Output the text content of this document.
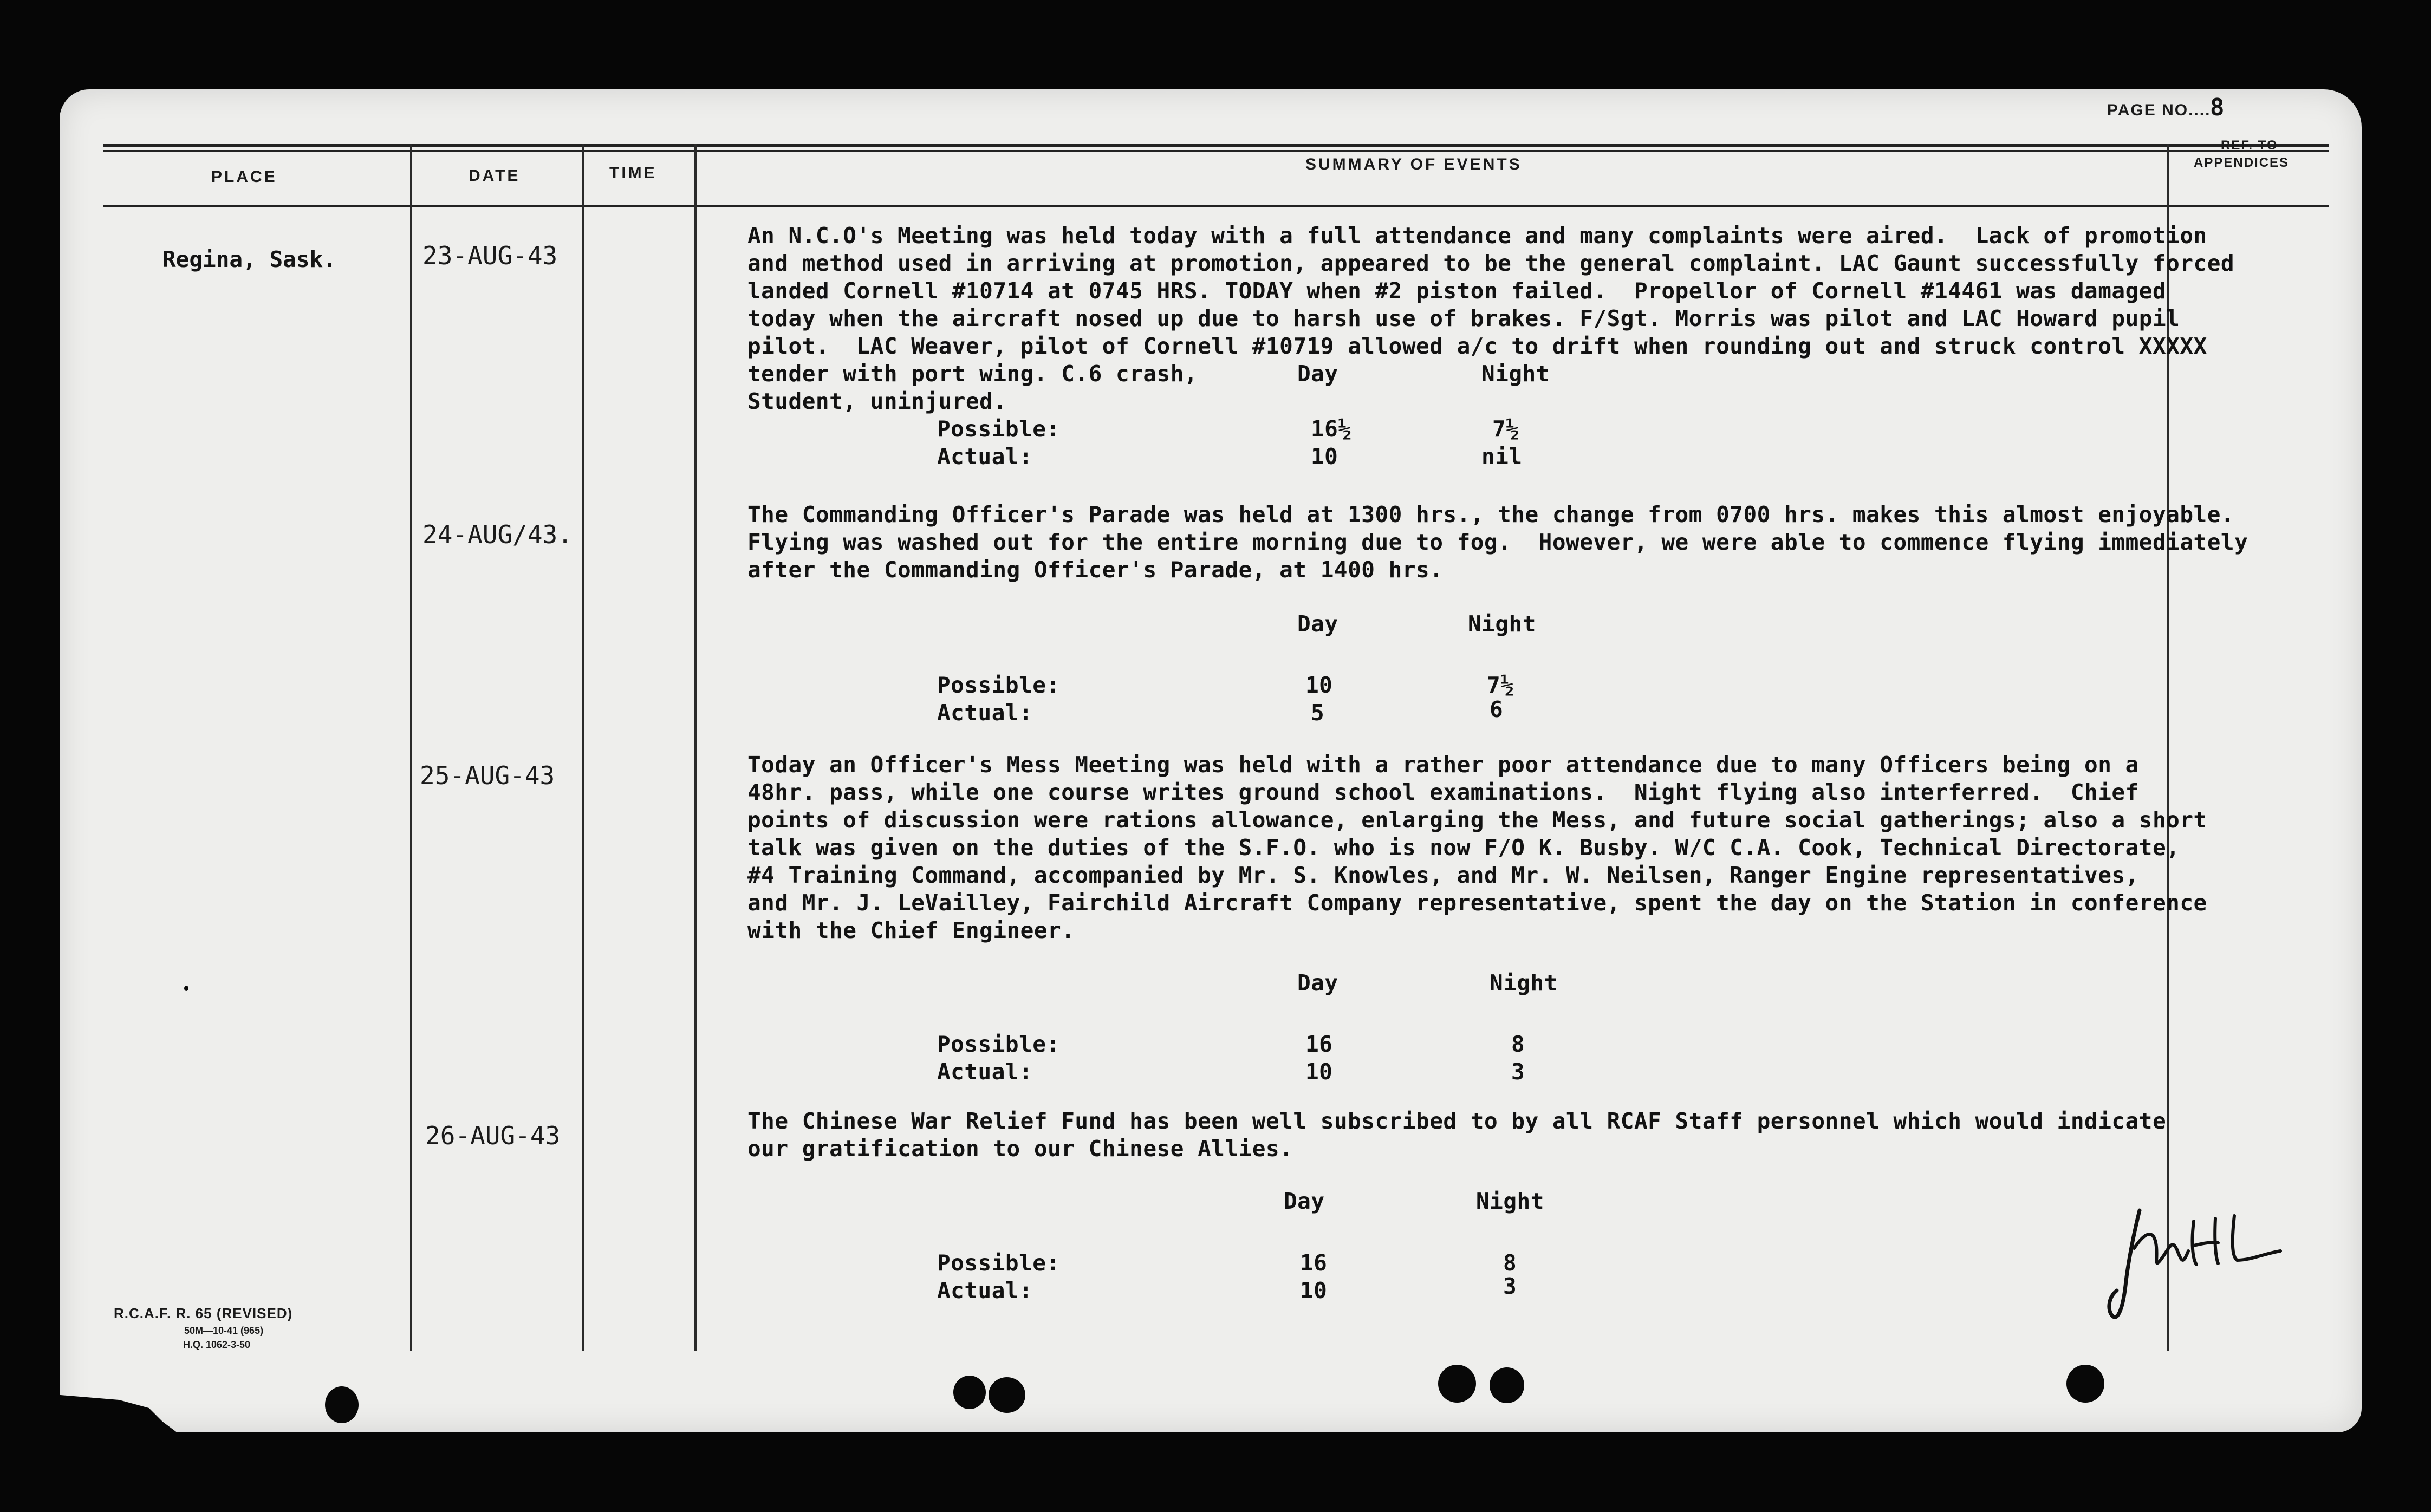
PAGE NO....
8
PLACE	DATE	TIME	SUMMARY OF EVENTS
REF. TO
APPENDICES
Regina, Sask.	23-AUG-43
An N.C.O's Meeting was held today with a full attendance and many complaints were aired.  Lack of promotion
and method used in arriving at promotion, appeared to be the general complaint. LAC Gaunt successfully forced
landed Cornell #10714 at 0745 HRS. TODAY when #2 piston failed.  Propellor of Cornell #14461 was damaged
today when the aircraft nosed up due to harsh use of brakes. F/Sgt. Morris was pilot and LAC Howard pupil
pilot.  LAC Weaver, pilot of Cornell #10719 allowed a/c to drift when rounding out and struck control XXXXX
tender with port wing. C.6 crash,
Student, uninjured.
Day	Night
Possible:	16½	7½
Actual:	10	nil
24-AUG/43.
The Commanding Officer's Parade was held at 1300 hrs., the change from 0700 hrs. makes this almost enjoyable.
Flying was washed out for the entire morning due to fog.  However, we were able to commence flying immediately
after the Commanding Officer's Parade, at 1400 hrs.
Day	Night
Possible:	10	7½
Actual:	5	6
25-AUG-43	Today an Officer's Mess Meeting was held with a rather poor attendance due to many Officers being on a
48hr. pass, while one course writes ground school examinations.  Night flying also interferred.  Chief
points of discussion were rations allowance, enlarging the Mess, and future social gatherings; also a short
talk was given on the duties of the S.F.O. who is now F/O K. Busby. W/C C.A. Cook, Technical Directorate,
#4 Training Command, accompanied by Mr. S. Knowles, and Mr. W. Neilsen, Ranger Engine representatives,
and Mr. J. LeVailley, Fairchild Aircraft Company representative, spent the day on the Station in conference
with the Chief Engineer.
Day	Night
Possible:	16	8
Actual:	10	3
26-AUG-43	The Chinese War Relief Fund has been well subscribed to by all RCAF Staff personnel which would indicate
our gratification to our Chinese Allies.
Day	Night
Possible:	16	8
Actual:	10	3
R.C.A.F. R. 65 (REVISED)
50M—10-41 (965)
H.Q. 1062-3-50
